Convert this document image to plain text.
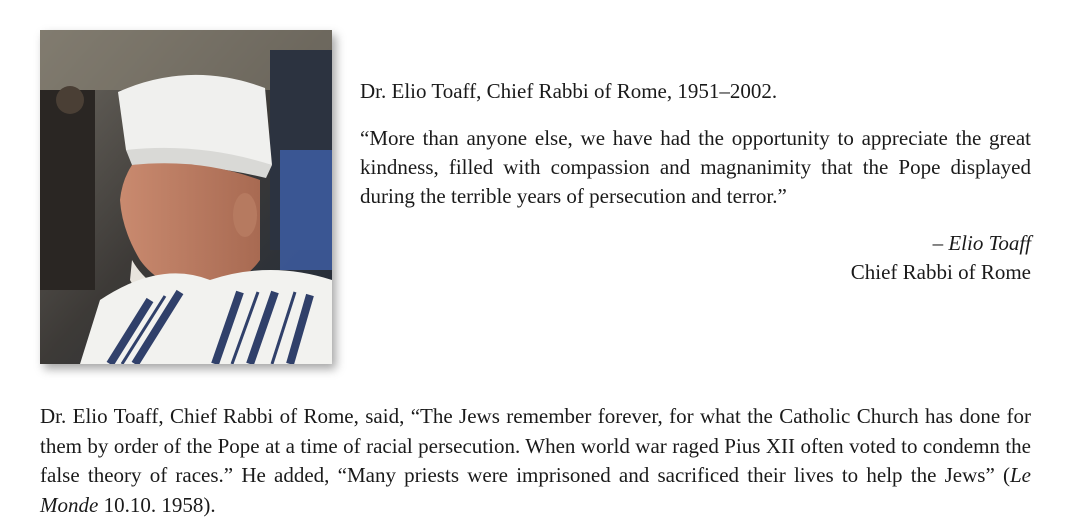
Dr. Elio Toaff, Chief Rabbi of Rome, 1951–2002.
“More than anyone else, we have had the opportunity to appreciate the great kindness, filled with compassion and magnanimity that the Pope displayed during the terrible years of persecution and terror.”
– Elio Toaff
Chief Rabbi of Rome
Dr. Elio Toaff, Chief Rabbi of Rome, said, “The Jews remember forever, for what the Catholic Church has done for them by order of the Pope at a time of racial persecution. When world war raged Pius XII often voted to condemn the false theory of races.” He added, “Many priests were imprisoned and sacrificed their lives to help the Jews” (Le Monde 10.10. 1958).
